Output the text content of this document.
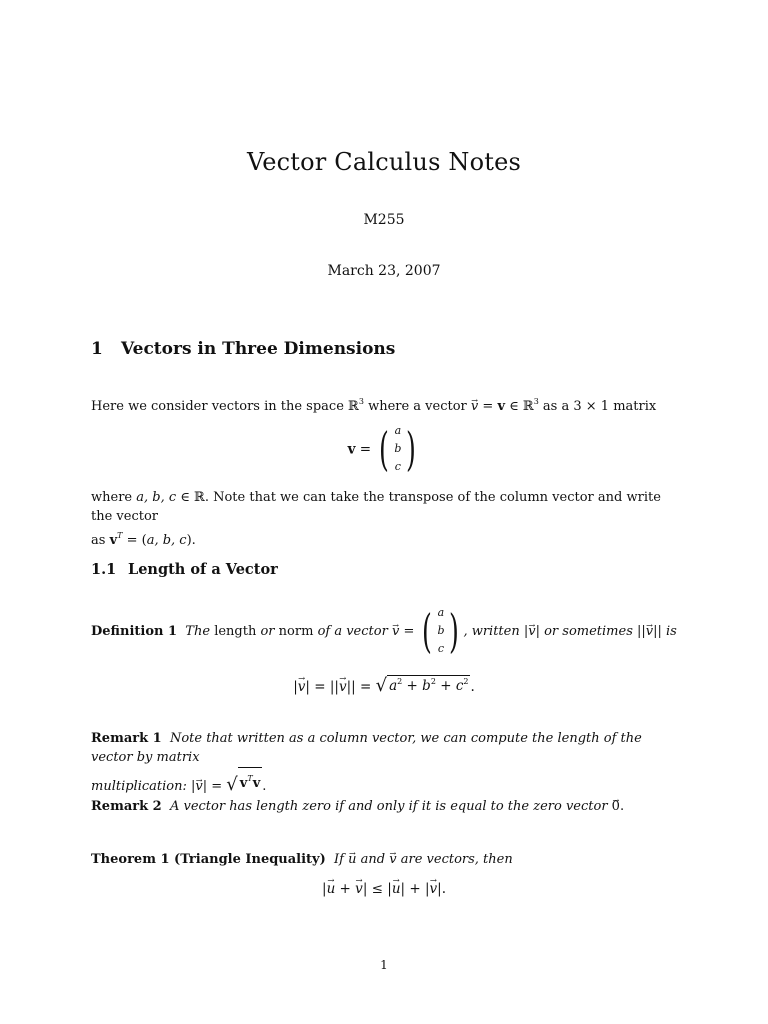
Vector Calculus Notes
M255
March 23, 2007
1 Vectors in Three Dimensions
Here we consider vectors in the space ℝ$^3$ where a vector v → = v ∈ ℝ$^3$ as a 3 × 1 matrix
v = ( a
b
c )
where a, b, c ∈ ℝ. Note that we can take the transpose of the column vector and write the vector
as $v^T = (a$, b, c).
1.1 Length of a Vector
Definition 1
The
length
or
norm
of a vector
v → = ( a
b
c ) , written | v → | or sometimes || v → || is
|v →| = ||v →|| = √ $a^2 + b^2 + c^2$ .
Remark 1 Note that written as a column vector, we can compute the length of the vector by matrix
multiplication: |v →| = √ $v^Tv$ .
Remark 2 A vector has length zero if and only if it is equal to the zero vector 0 →.
Theorem 1 (Triangle Inequality) If u → and v → are vectors, then
|u → + v →| ≤ |u →| + |v →|.
1
